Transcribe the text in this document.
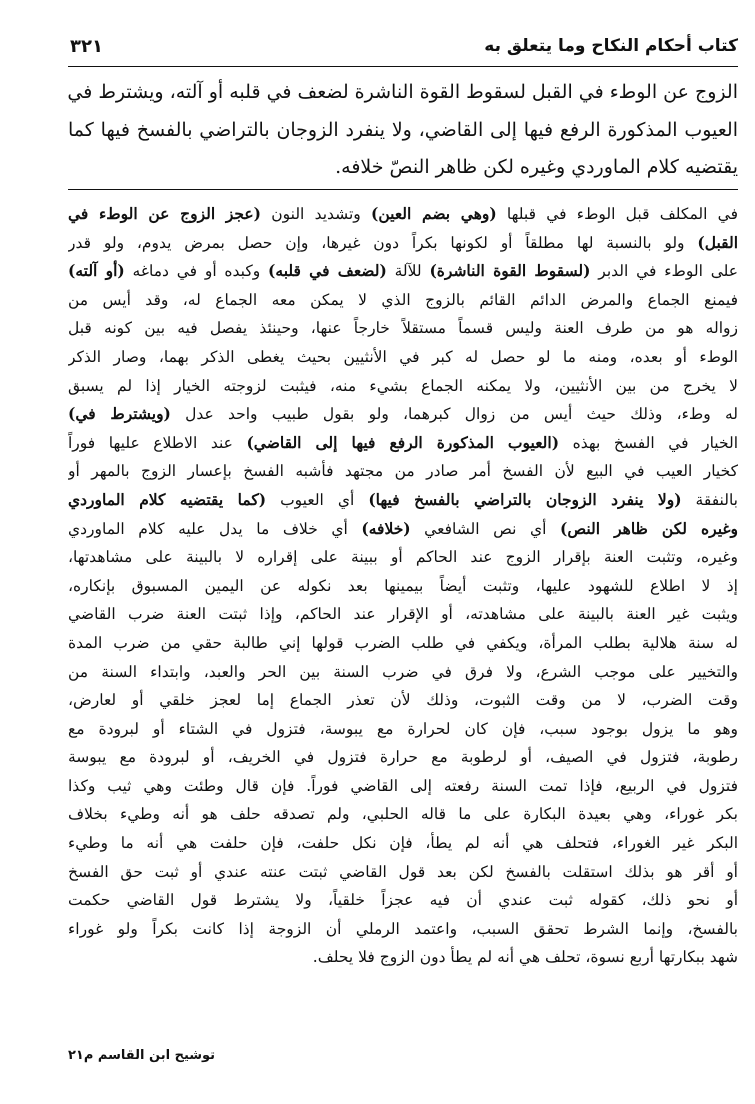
كتاب أحكام النكاح وما يتعلق به
٣٢١
الزوج عن الوطء في القبل لسقوط القوة الناشرة لضعف في قلبه أو آلته، ويشترط في
العيوب المذكورة الرفع فيها إلى القاضي، ولا ينفرد الزوجان بالتراضي بالفسخ فيها كما
يقتضيه كلام الماوردي وغيره لكن ظاهر النصّ خلافه.
في المكلف قبل الوطء في قبلها (وهي بضم العين) وتشديد النون (عجز الزوج عن الوطء في
القبل) ولو بالنسبة لها مطلقاً أو لكونها بكراً دون غيرها، وإن حصل بمرض يدوم، ولو قدر
على الوطء في الدبر (لسقوط القوة الناشرة) للآلة (لضعف في قلبه) وكبده أو في دماغه (أو آلته)
فيمنع الجماع والمرض الدائم القائم بالزوج الذي لا يمكن معه الجماع له، وقد أيس من
زواله هو من طرف العنة وليس قسماً مستقلاً خارجاً عنها، وحينئذ يفصل فيه بين كونه قبل
الوطء أو بعده، ومنه ما لو حصل له كبر في الأنثيين بحيث يغطى الذكر بهما، وصار الذكر
لا يخرج من بين الأنثيين، ولا يمكنه الجماع بشيء منه، فيثبت لزوجته الخيار إذا لم يسبق
له وطء، وذلك حيث أيس من زوال كبرهما، ولو بقول طبيب واحد عدل (ويشترط في)
الخيار في الفسخ بهذه (العيوب المذكورة الرفع فيها إلى القاضي) عند الاطلاع عليها فوراً
كخيار العيب في البيع لأن الفسخ أمر صادر من مجتهد فأشبه الفسخ بإعسار الزوج بالمهر أو
بالنفقة (ولا ينفرد الزوجان بالتراضي بالفسخ فيها) أي العيوب (كما يقتضيه كلام الماوردي
وغيره لكن ظاهر النص) أي نص الشافعي (خلافه) أي خلاف ما يدل عليه كلام الماوردي
وغيره، وتثبت العنة بإقرار الزوج عند الحاكم أو ببينة على إقراره لا بالبينة على مشاهدتها،
إذ لا اطلاع للشهود عليها، وتثبت أيضاً بيمينها بعد نكوله عن اليمين المسبوق بإنكاره،
ويثبت غير العنة بالبينة على مشاهدته، أو الإقرار عند الحاكم، وإذا ثبتت العنة ضرب القاضي
له سنة هلالية بطلب المرأة، ويكفي في طلب الضرب قولها إني طالبة حقي من ضرب المدة
والتخيير على موجب الشرع، ولا فرق في ضرب السنة بين الحر والعبد، وابتداء السنة من
وقت الضرب، لا من وقت الثبوت، وذلك لأن تعذر الجماع إما لعجز خلقي أو لعارض،
وهو ما يزول بوجود سبب، فإن كان لحرارة مع يبوسة، فتزول في الشتاء أو لبرودة مع
رطوبة، فتزول في الصيف، أو لرطوبة مع حرارة فتزول في الخريف، أو لبرودة مع يبوسة
فتزول في الربيع، فإذا تمت السنة رفعته إلى القاضي فوراً. فإن قال وطئت وهي ثيب وكذا
بكر غوراء، وهي بعيدة البكارة على ما قاله الحلبي، ولم تصدقه حلف هو أنه وطيء بخلاف
البكر غير الغوراء، فتحلف هي أنه لم يطأ، فإن نكل حلفت، فإن حلفت هي أنه ما وطيء
أو أقر هو بذلك استقلت بالفسخ لكن بعد قول القاضي ثبتت عنته عندي أو ثبت حق الفسخ
أو نحو ذلك، كقوله ثبت عندي أن فيه عجزاً خلقياً، ولا يشترط قول القاضي حكمت
بالفسخ، وإنما الشرط تحقق السبب، واعتمد الرملي أن الزوجة إذا كانت بكراً ولو غوراء
شهد ببكارتها أربع نسوة، تحلف هي أنه لم يطأ دون الزوج فلا يحلف.
توشيح ابن القاسم م٢١
